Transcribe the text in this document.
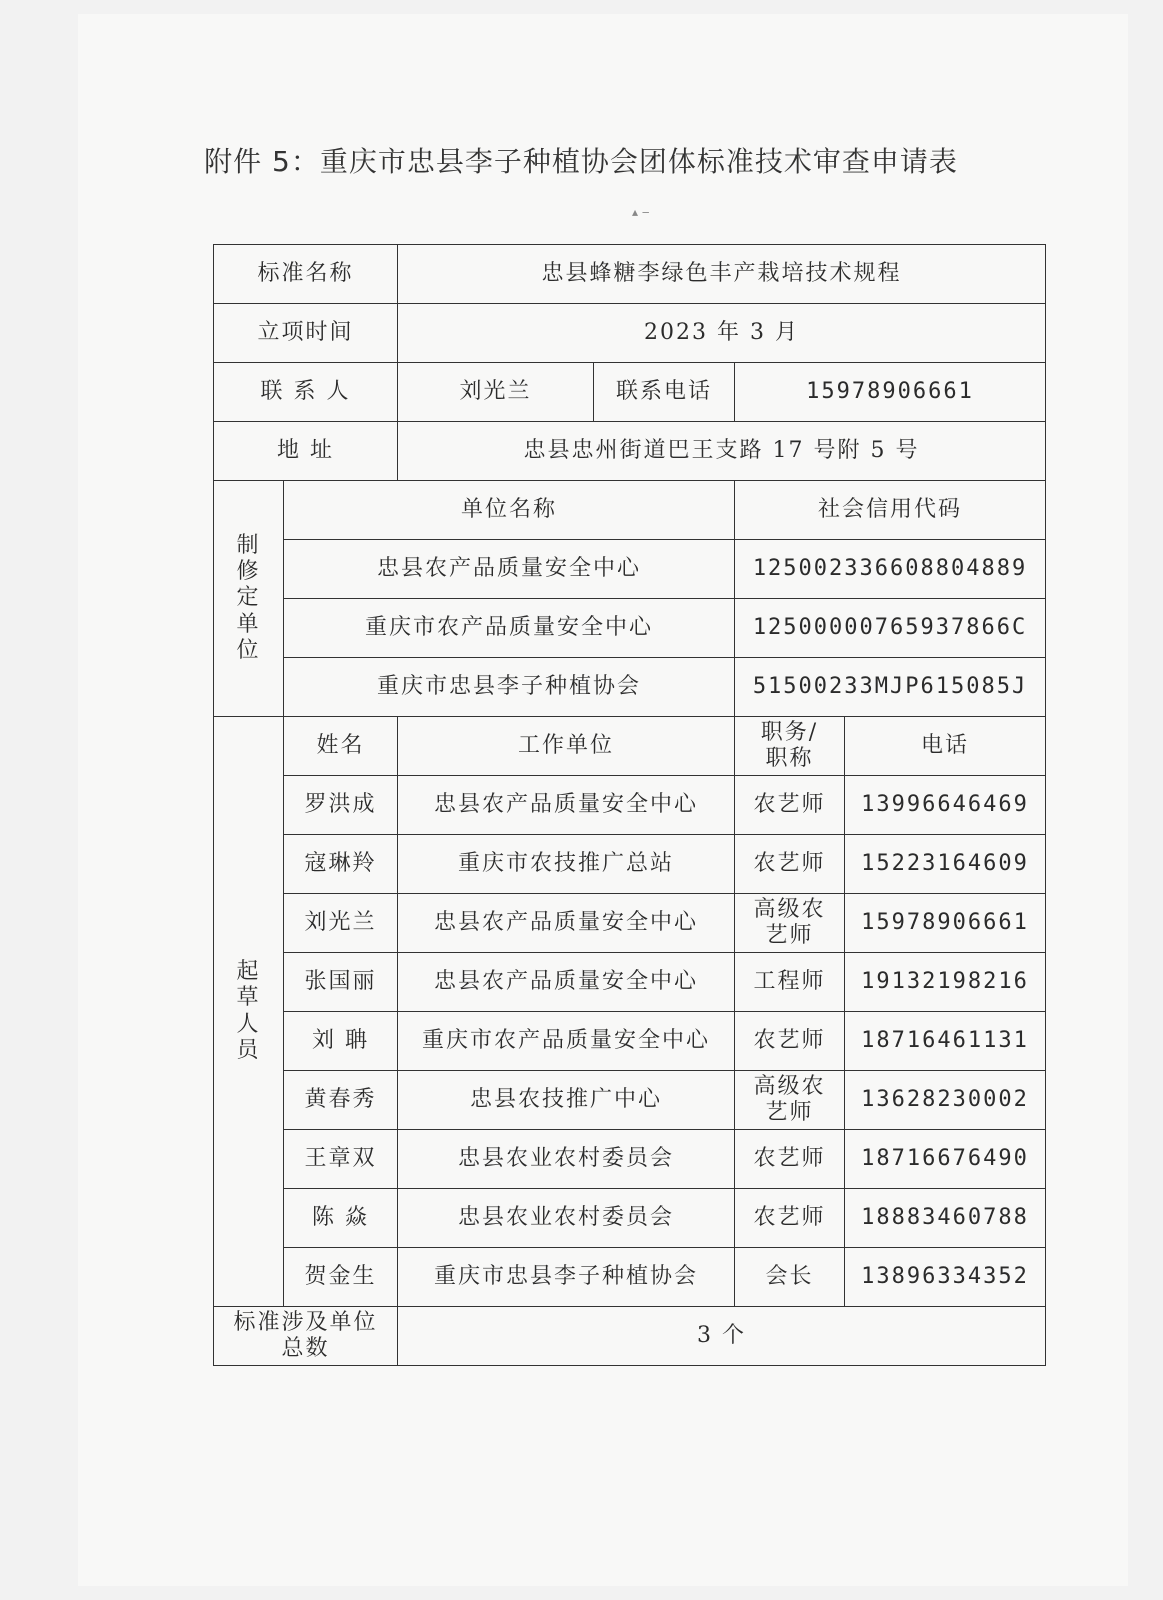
附件 5：重庆市忠县李子种植协会团体标准技术审查申请表
标准名称		忠县蜂糖李绿色丰产栽培技术规程			
立项时间		2023 年 3 月			
联 系 人		刘光兰	联系电话	15978906661	
地 址		忠县忠州街道巴王支路 17 号附 5 号			
制修定单位	单位名称			社会信用代码	
	忠县农产品质量安全中心			125002336608804889	
	重庆市农产品质量安全中心			12500000765937866C	
	重庆市忠县李子种植协会			51500233MJP615085J	
起草人员	姓名	工作单位		职务/职称	电话
	罗洪成	忠县农产品质量安全中心		农艺师	13996646469
	寇琳羚	重庆市农技推广总站		农艺师	15223164609
	刘光兰	忠县农产品质量安全中心		高级农艺师	15978906661
	张国丽	忠县农产品质量安全中心		工程师	19132198216
	刘 聃	重庆市农产品质量安全中心		农艺师	18716461131
	黄春秀	忠县农技推广中心		高级农艺师	13628230002
	王章双	忠县农业农村委员会		农艺师	18716676490
	陈 焱	忠县农业农村委员会		农艺师	18883460788
	贺金生	重庆市忠县李子种植协会		会长	13896334352
标准涉及单位总数		3 个			
